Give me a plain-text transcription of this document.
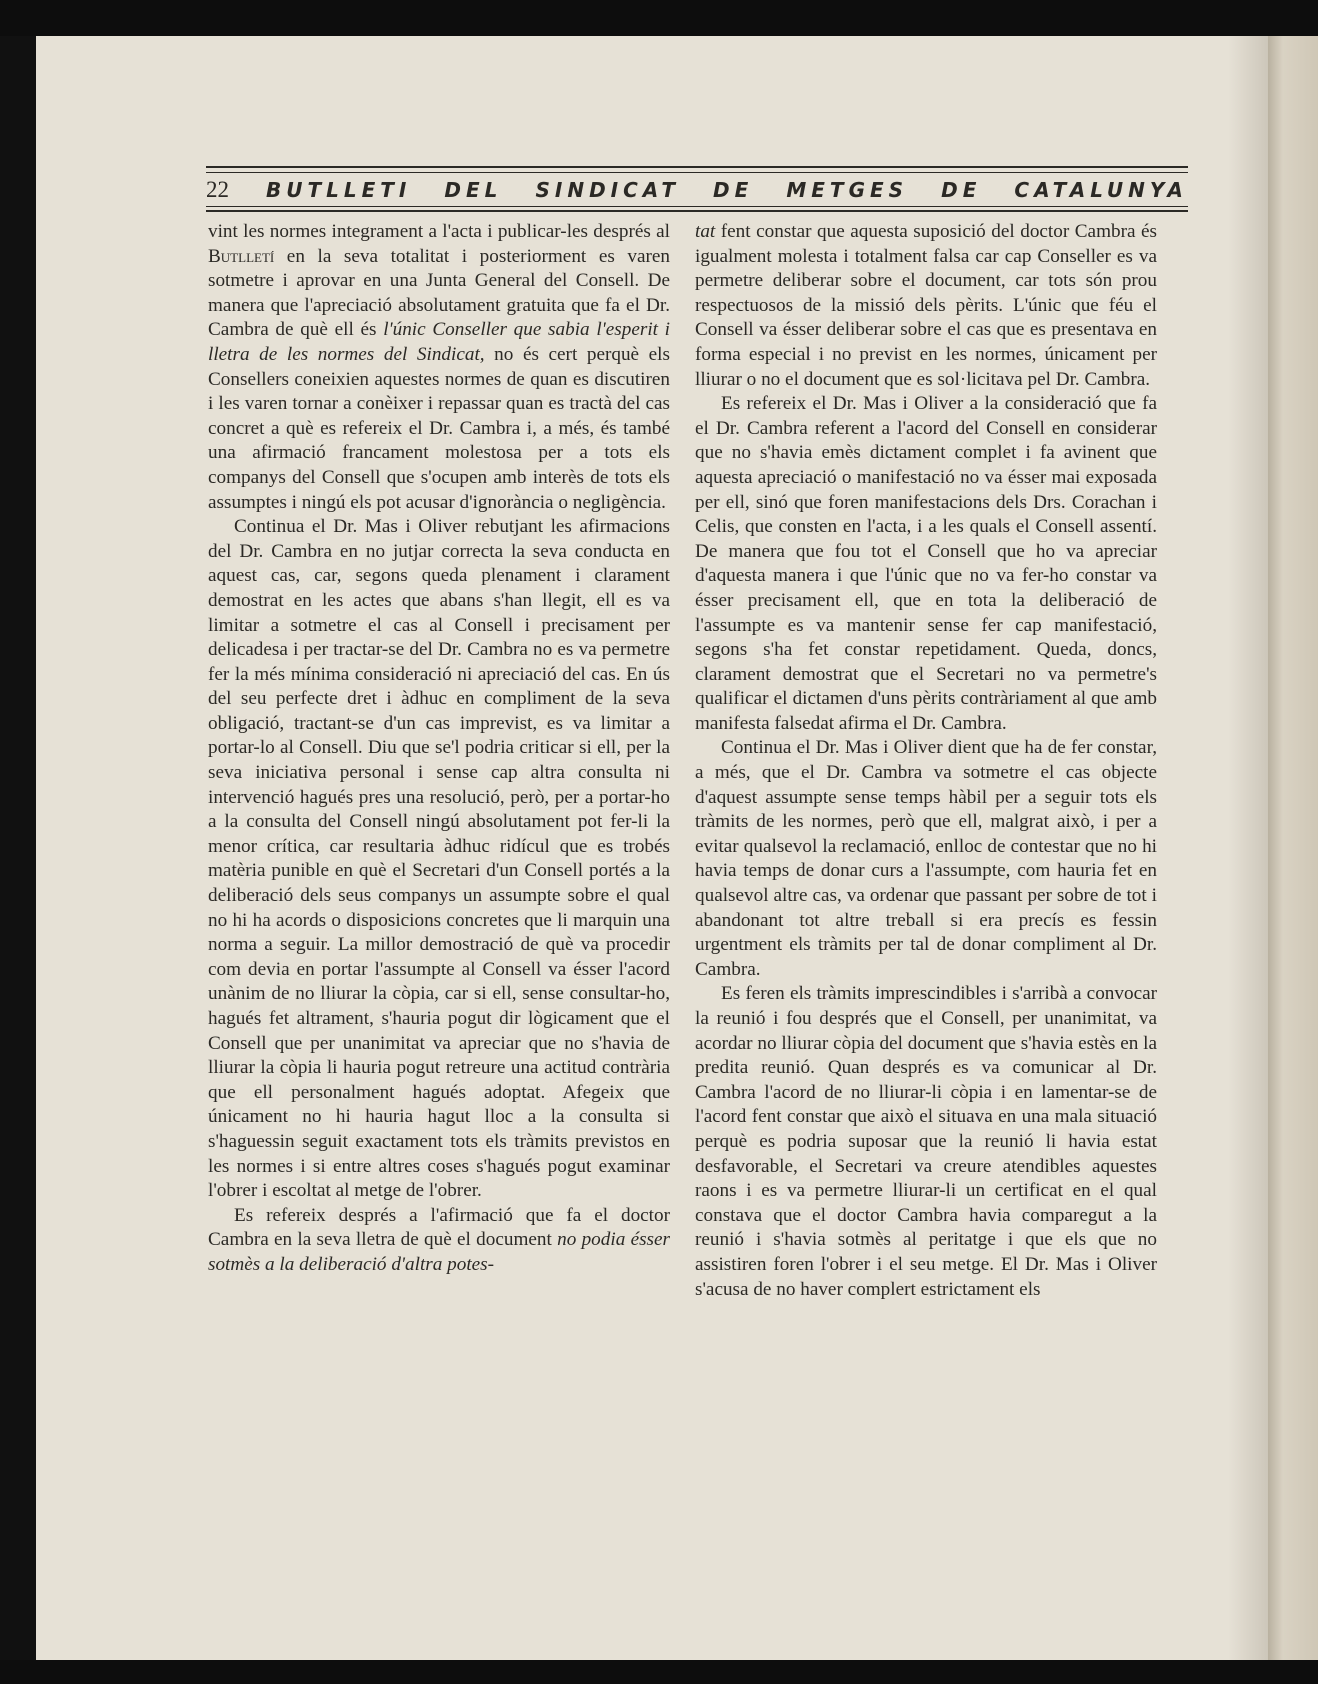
22 BUTLLETI DEL SINDICAT DE METGES DE CATALUNYA

vint les normes integrament a l'acta i publicar-les després al Butlletí en la seva totalitat i posteriorment es varen sotmetre i aprovar en una Junta General del Consell. De manera que l'apreciació absolutament gratuita que fa el Dr. Cambra de què ell és l'únic Conseller que sabia l'esperit i lletra de les normes del Sindicat, no és cert perquè els Consellers coneixien aquestes normes de quan es discutiren i les varen tornar a conèixer i repassar quan es tractà del cas concret a què es refereix el Dr. Cambra i, a més, és també una afirmació francament molestosa per a tots els companys del Consell que s'ocupen amb interès de tots els assumptes i ningú els pot acusar d'ignorància o negligència.

Continua el Dr. Mas i Oliver rebutjant les afirmacions del Dr. Cambra en no jutjar correcta la seva conducta en aquest cas, car, segons queda plenament i clarament demostrat en les actes que abans s'han llegit, ell es va limitar a sotmetre el cas al Consell i precisament per delicadesa i per tractar-se del Dr. Cambra no es va permetre fer la més mínima consideració ni apreciació del cas. En ús del seu perfecte dret i àdhuc en compliment de la seva obligació, tractant-se d'un cas imprevist, es va limitar a portar-lo al Consell. Diu que se'l podria criticar si ell, per la seva iniciativa personal i sense cap altra consulta ni intervenció hagués pres una resolució, però, per a portar-ho a la consulta del Consell ningú absolutament pot fer-li la menor crítica, car resultaria àdhuc ridícul que es trobés matèria punible en què el Secretari d'un Consell portés a la deliberació dels seus companys un assumpte sobre el qual no hi ha acords o disposicions concretes que li marquin una norma a seguir. La millor demostració de què va procedir com devia en portar l'assumpte al Consell va ésser l'acord unànim de no lliurar la còpia, car si ell, sense consultar-ho, hagués fet altrament, s'hauria pogut dir lògicament que el Consell que per unanimitat va apreciar que no s'havia de lliurar la còpia li hauria pogut retreure una actitud contrària que ell personalment hagués adoptat. Afegeix que únicament no hi hauria hagut lloc a la consulta si s'haguessin seguit exactament tots els tràmits previstos en les normes i si entre altres coses s'hagués pogut examinar l'obrer i escoltat al metge de l'obrer.

Es refereix després a l'afirmació que fa el doctor Cambra en la seva lletra de què el document no podia ésser sotmès a la deliberació d'altra potes-

tat fent constar que aquesta suposició del doctor Cambra és igualment molesta i totalment falsa car cap Conseller es va permetre deliberar sobre el document, car tots són prou respectuosos de la missió dels pèrits. L'únic que féu el Consell va ésser deliberar sobre el cas que es presentava en forma especial i no previst en les normes, únicament per lliurar o no el document que es sol·licitava pel Dr. Cambra.

Es refereix el Dr. Mas i Oliver a la consideració que fa el Dr. Cambra referent a l'acord del Consell en considerar que no s'havia emès dictament complet i fa avinent que aquesta apreciació o manifestació no va ésser mai exposada per ell, sinó que foren manifestacions dels Drs. Corachan i Celis, que consten en l'acta, i a les quals el Consell assentí. De manera que fou tot el Consell que ho va apreciar d'aquesta manera i que l'únic que no va fer-ho constar va ésser precisament ell, que en tota la deliberació de l'assumpte es va mantenir sense fer cap manifestació, segons s'ha fet constar repetidament. Queda, doncs, clarament demostrat que el Secretari no va permetre's qualificar el dictamen d'uns pèrits contràriament al que amb manifesta falsedat afirma el Dr. Cambra.

Continua el Dr. Mas i Oliver dient que ha de fer constar, a més, que el Dr. Cambra va sotmetre el cas objecte d'aquest assumpte sense temps hàbil per a seguir tots els tràmits de les normes, però que ell, malgrat això, i per a evitar qualsevol la reclamació, enlloc de contestar que no hi havia temps de donar curs a l'assumpte, com hauria fet en qualsevol altre cas, va ordenar que passant per sobre de tot i abandonant tot altre treball si era precís es fessin urgentment els tràmits per tal de donar compliment al Dr. Cambra.

Es feren els tràmits imprescindibles i s'arribà a convocar la reunió i fou després que el Consell, per unanimitat, va acordar no lliurar còpia del document que s'havia estès en la predita reunió. Quan després es va comunicar al Dr. Cambra l'acord de no lliurar-li còpia i en lamentar-se de l'acord fent constar que això el situava en una mala situació perquè es podria suposar que la reunió li havia estat desfavorable, el Secretari va creure atendibles aquestes raons i es va permetre lliurar-li un certificat en el qual constava que el doctor Cambra havia comparegut a la reunió i s'havia sotmès al peritatge i que els que no assistiren foren l'obrer i el seu metge. El Dr. Mas i Oliver s'acusa de no haver complert estrictament els
